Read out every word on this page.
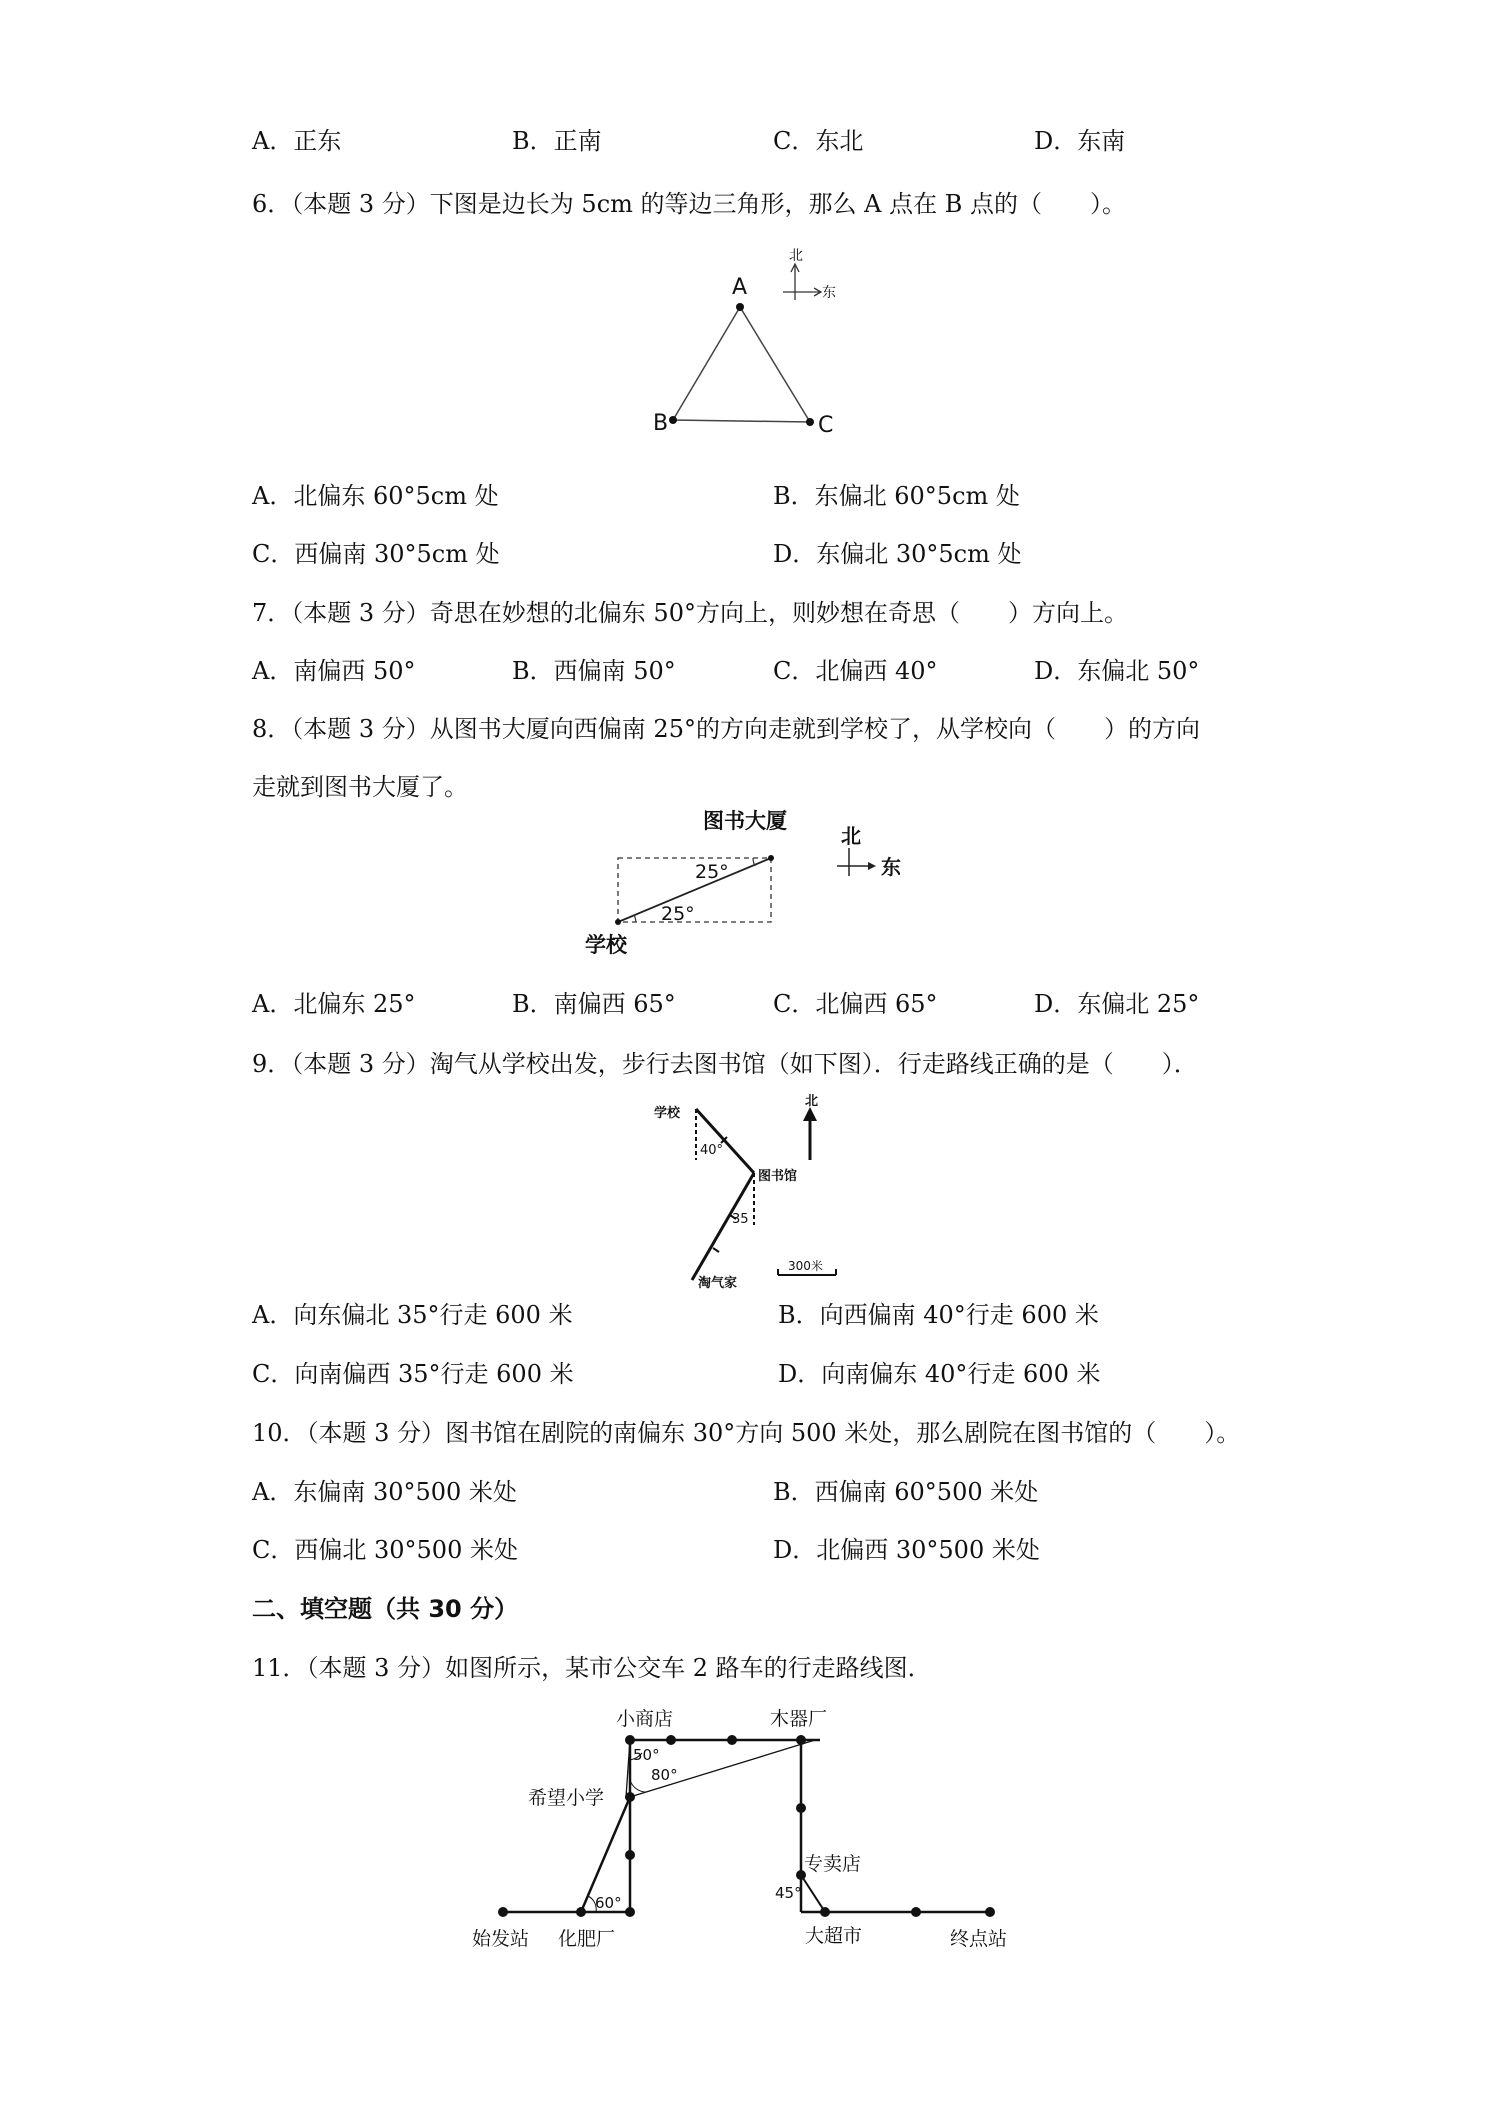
A．正东	B．正南	C．东北	D．东南
6．（本题 3 分）下图是边长为 5cm 的等边三角形，那么 A 点在 B 点的（　　）。
A
B	C
北
东
A．北偏东 60°5cm 处	B．东偏北 60°5cm 处
C．西偏南 30°5cm 处	D．东偏北 30°5cm 处
7．（本题 3 分）奇思在妙想的北偏东 50°方向上，则妙想在奇思（　　）方向上。
A．南偏西 50°	B．西偏南 50°	C．北偏西 40°	D．东偏北 50°
8．（本题 3 分）从图书大厦向西偏南 25°的方向走就到学校了，从学校向（　　）的方向
走就到图书大厦了。
图书大厦
学校
25°
25°
北
东
A．北偏东 25°	B．南偏西 65°	C．北偏西 65°	D．东偏北 25°
9．（本题 3 分）淘气从学校出发，步行去图书馆（如下图）．行走路线正确的是（　　）．
学校
图书馆
淘气家
40°
35
北
300米
A．向东偏北 35°行走 600 米	B．向西偏南 40°行走 600 米
C．向南偏西 35°行走 600 米	D．向南偏东 40°行走 600 米
10．（本题 3 分）图书馆在剧院的南偏东 30°方向 500 米处，那么剧院在图书馆的（　　）。
A．东偏南 30°500 米处	B．西偏南 60°500 米处
C．西偏北 30°500 米处	D．北偏西 30°500 米处
二、填空题（共 30 分）
11．（本题 3 分）如图所示，某市公交车 2 路车的行走路线图．
小商店	木器厂
希望小学
专卖店
始发站 化肥厂	大超市	终点站
50°
80°
60°
45°
